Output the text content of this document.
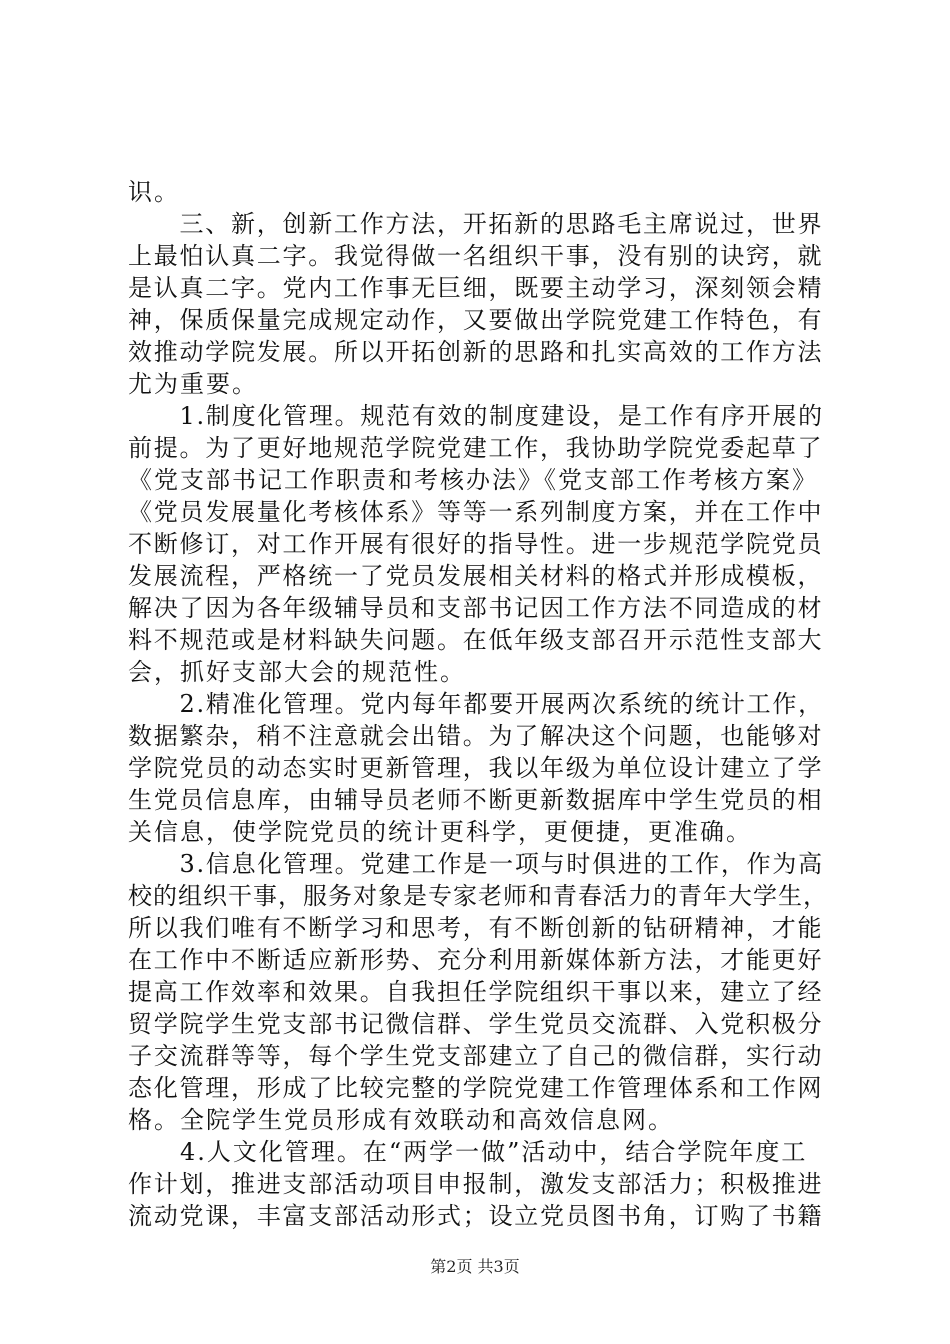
识。
　　三、新，创新工作方法，开拓新的思路毛主席说过，世界
上最怕认真二字。我觉得做一名组织干事，没有别的诀窍，就
是认真二字。党内工作事无巨细，既要主动学习，深刻领会精
神，保质保量完成规定动作，又要做出学院党建工作特色，有
效推动学院发展。所以开拓创新的思路和扎实高效的工作方法
尤为重要。
　　1.制度化管理。规范有效的制度建设，是工作有序开展的
前提。为了更好地规范学院党建工作，我协助学院党委起草了
《党支部书记工作职责和考核办法》《党支部工作考核方案》
《党员发展量化考核体系》等等一系列制度方案，并在工作中
不断修订，对工作开展有很好的指导性。进一步规范学院党员
发展流程，严格统一了党员发展相关材料的格式并形成模板，
解决了因为各年级辅导员和支部书记因工作方法不同造成的材
料不规范或是材料缺失问题。在低年级支部召开示范性支部大
会，抓好支部大会的规范性。
　　2.精准化管理。党内每年都要开展两次系统的统计工作，
数据繁杂，稍不注意就会出错。为了解决这个问题，也能够对
学院党员的动态实时更新管理，我以年级为单位设计建立了学
生党员信息库，由辅导员老师不断更新数据库中学生党员的相
关信息，使学院党员的统计更科学，更便捷，更准确。
　　3.信息化管理。党建工作是一项与时俱进的工作，作为高
校的组织干事，服务对象是专家老师和青春活力的青年大学生，
所以我们唯有不断学习和思考，有不断创新的钻研精神，才能
在工作中不断适应新形势、充分利用新媒体新方法，才能更好
提高工作效率和效果。自我担任学院组织干事以来，建立了经
贸学院学生党支部书记微信群、学生党员交流群、入党积极分
子交流群等等，每个学生党支部建立了自己的微信群，实行动
态化管理，形成了比较完整的学院党建工作管理体系和工作网
格。全院学生党员形成有效联动和高效信息网。
　　4.人文化管理。在“两学一做”活动中，结合学院年度工
作计划，推进支部活动项目申报制，激发支部活力；积极推进
流动党课，丰富支部活动形式；设立党员图书角，订购了书籍
第2页 共3页
